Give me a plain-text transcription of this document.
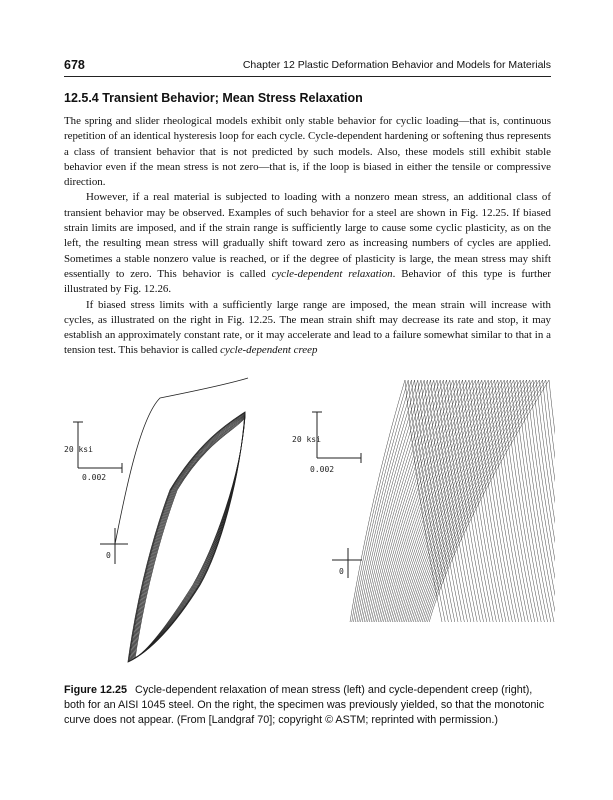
678	Chapter 12 Plastic Deformation Behavior and Models for Materials
12.5.4 Transient Behavior; Mean Stress Relaxation

The spring and slider rheological models exhibit only stable behavior for cyclic loading—that is, continuous repetition of an identical hysteresis loop for each cycle. Cycle-dependent hardening or softening thus represents a class of transient behavior that is not predicted by such models. Also, these models still exhibit stable behavior even if the mean stress is not zero—that is, if the loop is biased in either the tensile or compressive direction.

However, if a real material is subjected to loading with a nonzero mean stress, an additional class of transient behavior may be observed. Examples of such behavior for a steel are shown in Fig. 12.25. If biased strain limits are imposed, and if the strain range is sufficiently large to cause some cyclic plasticity, as on the left, the resulting mean stress will gradually shift toward zero as increasing numbers of cycles are applied. Sometimes a stable nonzero value is reached, or if the degree of plasticity is large, the mean stress may shift essentially to zero. This behavior is called cycle-dependent relaxation. Behavior of this type is further illustrated by Fig. 12.26.

If biased stress limits with a sufficiently large range are imposed, the mean strain will increase with cycles, as illustrated on the right in Fig. 12.25. The mean strain shift may decrease its rate and stop, it may establish an approximately constant rate, or it may accelerate and lead to a failure somewhat similar to that in a tension test. This behavior is called cycle-dependent creep

20 ksi
0.002
0
20 ksi
0.002
0
Figure 12.25 Cycle-dependent relaxation of mean stress (left) and cycle-dependent creep (right), both for an AISI 1045 steel. On the right, the specimen was previously yielded, so that the monotonic curve does not appear. (From [Landgraf 70]; copyright © ASTM; reprinted with permission.)
